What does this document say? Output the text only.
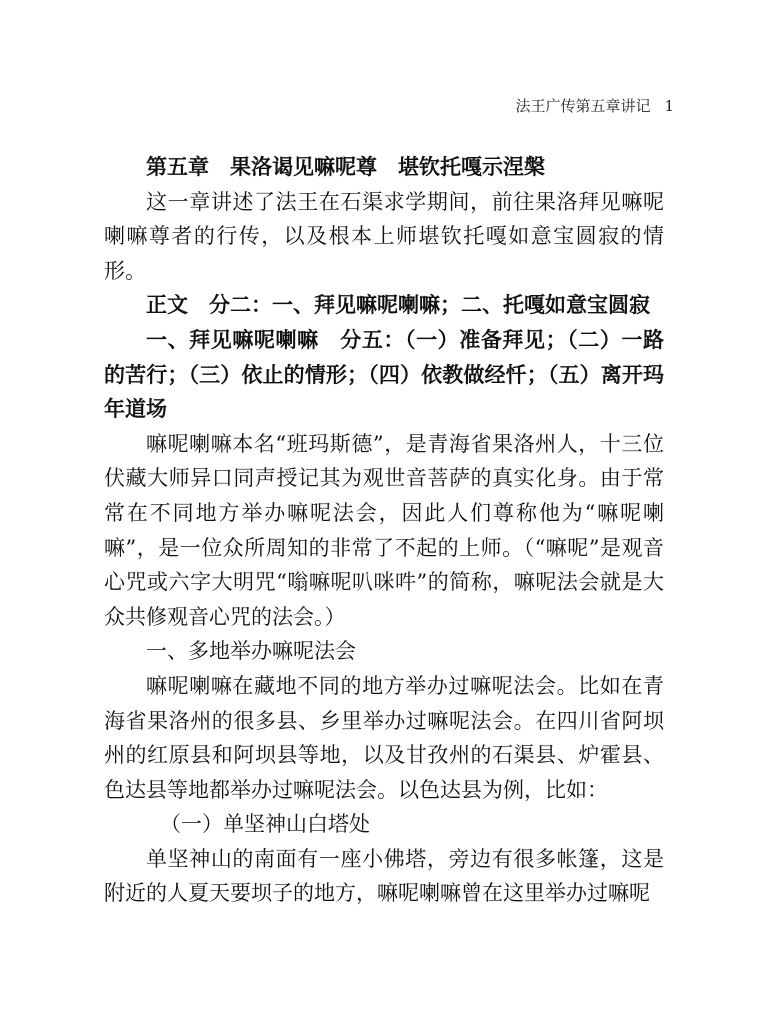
法王广传第五章讲记 1

第五章 果洛谒见嘛呢尊 堪钦托嘎示涅槃

这一章讲述了法王在石渠求学期间，前往果洛拜见嘛呢喇嘛尊者的行传，以及根本上师堪钦托嘎如意宝圆寂的情形。

正文 分二：一、拜见嘛呢喇嘛；二、托嘎如意宝圆寂

一、拜见嘛呢喇嘛 分五：（一）准备拜见；（二）一路的苦行；（三）依止的情形；（四）依教做经忏；（五）离开玛年道场

嘛呢喇嘛本名“班玛斯德”，是青海省果洛州人，十三位伏藏大师异口同声授记其为观世音菩萨的真实化身。由于常常在不同地方举办嘛呢法会，因此人们尊称他为“嘛呢喇嘛”，是一位众所周知的非常了不起的上师。（“嘛呢”是观音心咒或六字大明咒“嗡嘛呢叭咪吽”的简称，嘛呢法会就是大众共修观音心咒的法会。）

一、多地举办嘛呢法会

嘛呢喇嘛在藏地不同的地方举办过嘛呢法会。比如在青海省果洛州的很多县、乡里举办过嘛呢法会。在四川省阿坝州的红原县和阿坝县等地，以及甘孜州的石渠县、炉霍县、色达县等地都举办过嘛呢法会。以色达县为例，比如：

（一）单坚神山白塔处

单坚神山的南面有一座小佛塔，旁边有很多帐篷，这是附近的人夏天要坝子的地方，嘛呢喇嘛曾在这里举办过嘛呢
